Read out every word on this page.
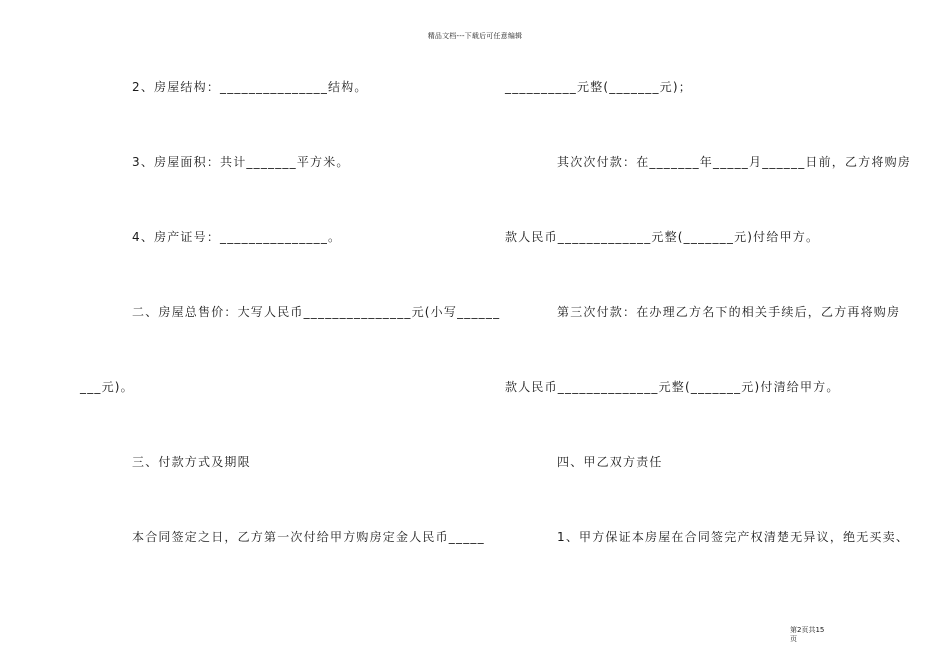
精品文档---下载后可任意编辑
2、房屋结构：_______________结构。
3、房屋面积：共计_______平方米。
4、房产证号：_______________。
二、房屋总售价：大写人民币_______________元(小写______
___元)。
三、付款方式及期限
本合同签定之日，乙方第一次付给甲方购房定金人民币_____
__________元整(_______元)；
其次次付款：在_______年_____月______日前，乙方将购房
款人民币_____________元整(_______元)付给甲方。
第三次付款：在办理乙方名下的相关手续后，乙方再将购房
款人民币______________元整(_______元)付清给甲方。
四、甲乙双方责任
1、甲方保证本房屋在合同签完产权清楚无异议，绝无买卖、
第2页共15
页
